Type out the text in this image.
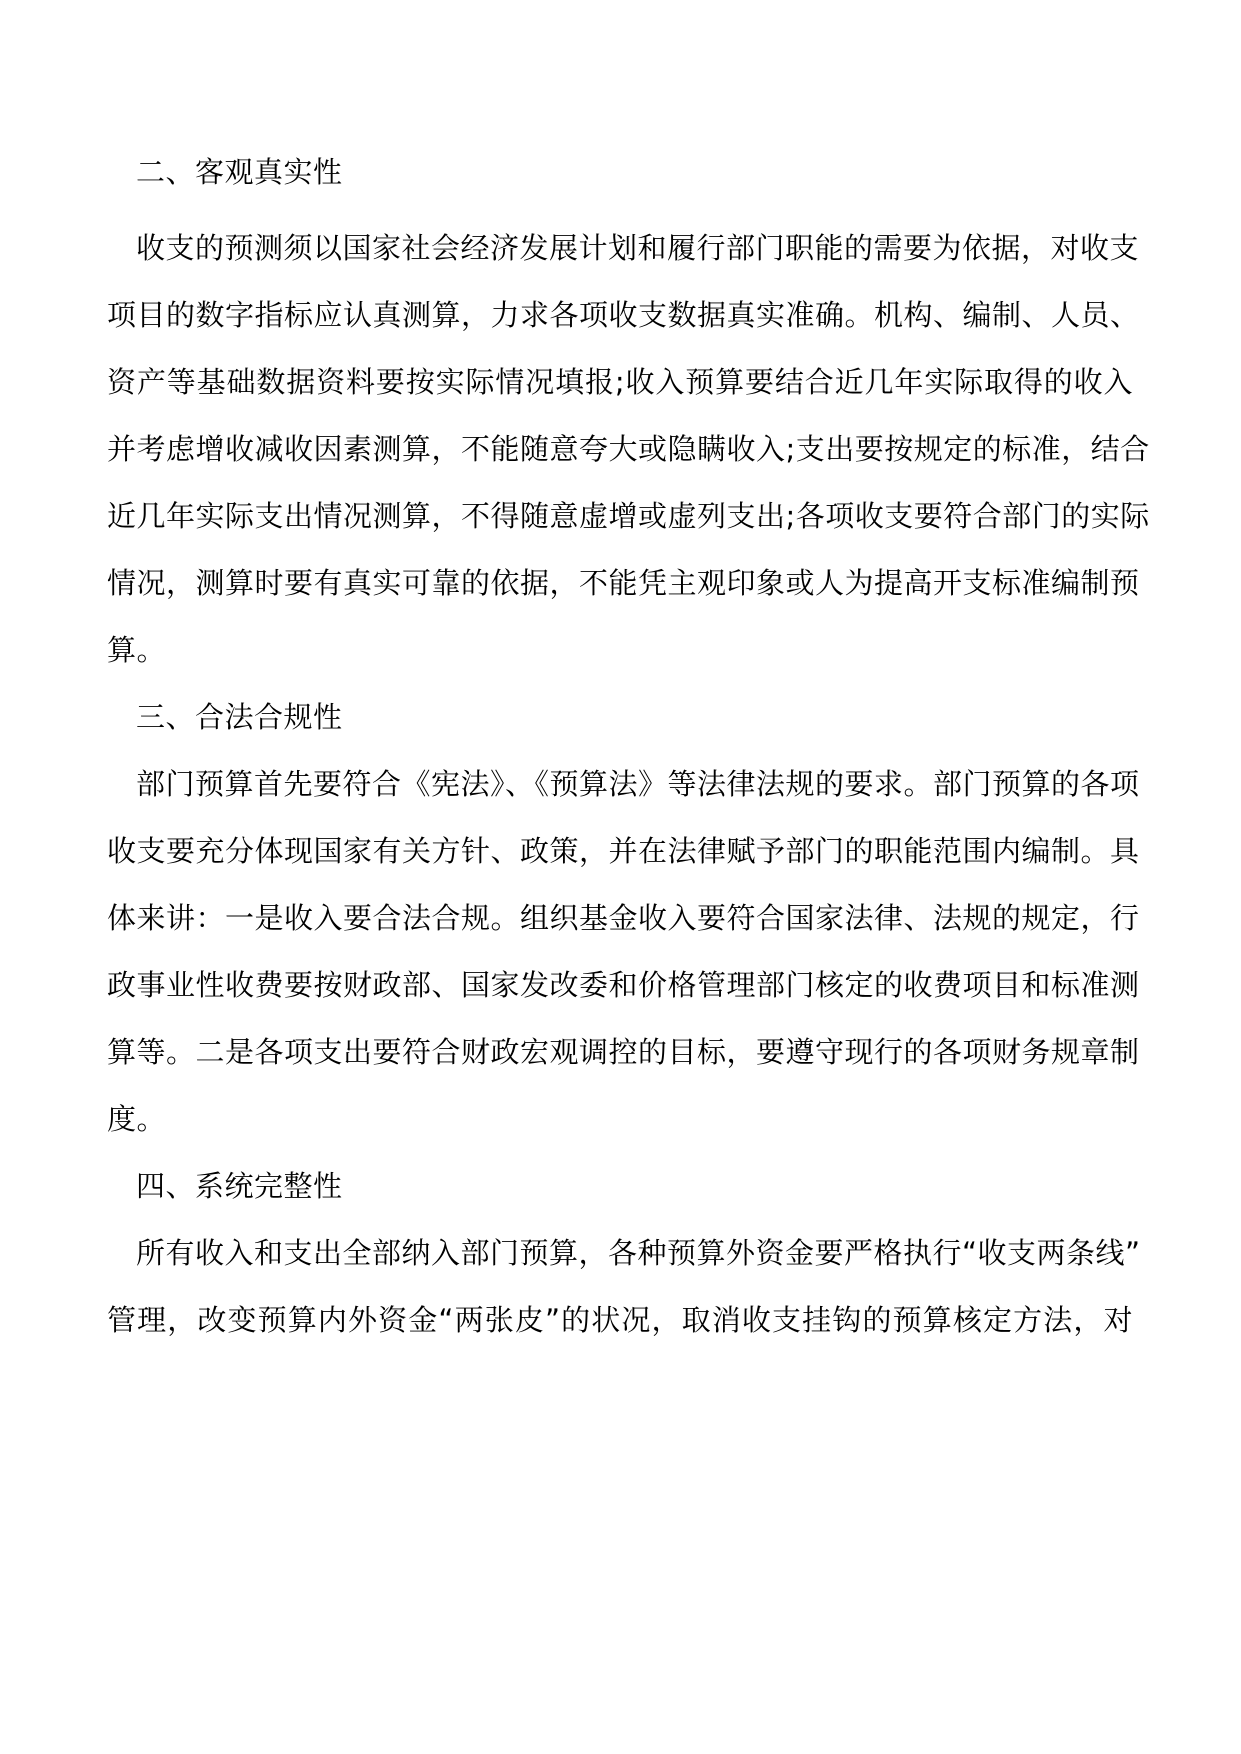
二、客观真实性
收支的预测须以国家社会经济发展计划和履行部门职能的需要为依据，对收支
项目的数字指标应认真测算，力求各项收支数据真实准确。机构、编制、人员、
资产等基础数据资料要按实际情况填报;收入预算要结合近几年实际取得的收入
并考虑增收减收因素测算，不能随意夸大或隐瞒收入;支出要按规定的标准，结合
近几年实际支出情况测算，不得随意虚增或虚列支出;各项收支要符合部门的实际
情况，测算时要有真实可靠的依据，不能凭主观印象或人为提高开支标准编制预
算。
三、合法合规性
部门预算首先要符合《宪法》、《预算法》等法律法规的要求。部门预算的各项
收支要充分体现国家有关方针、政策，并在法律赋予部门的职能范围内编制。具
体来讲：一是收入要合法合规。组织基金收入要符合国家法律、法规的规定，行
政事业性收费要按财政部、国家发改委和价格管理部门核定的收费项目和标准测
算等。二是各项支出要符合财政宏观调控的目标，要遵守现行的各项财务规章制
度。
四、系统完整性
所有收入和支出全部纳入部门预算，各种预算外资金要严格执行“收支两条线”
管理，改变预算内外资金“两张皮”的状况，取消收支挂钩的预算核定方法，对
